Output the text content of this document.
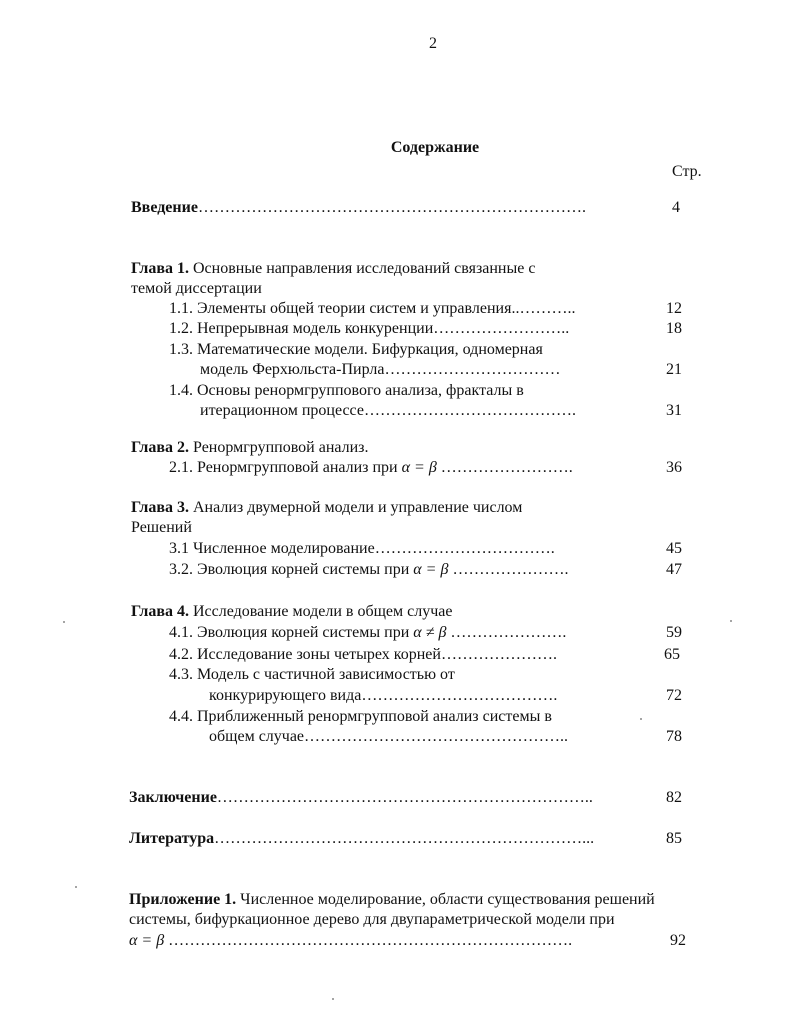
2
Содержание
Стр.
Введение……………………………………………………………….	4
Глава 1. Основные направления исследований связанные с
темой диссертации
1.1. Элементы общей теории систем и управления..………..	12
1.2. Непрерывная модель конкуренции……………………..	18
1.3. Математические модели. Бифуркация, одномерная
модель Ферхюльста-Пирла……………………………	21
1.4. Основы ренормгруппового анализа, фракталы в
итерационном процессе………………………………….	31
Глава 2. Ренормгрупповой анализ.
2.1. Ренормгрупповой анализ при α = β …………………….	36
Глава 3. Анализ двумерной модели и управление числом
Решений
3.1 Численное моделирование…………………………….	45
3.2. Эволюция корней системы при α = β ………………….	47
Глава 4. Исследование модели в общем случае
4.1. Эволюция корней системы при α ≠ β ………………….	59
4.2. Исследование зоны четырех корней………………….	65
4.3. Модель с частичной зависимостью от
конкурирующего вида……………………………….	72
4.4. Приближенный ренормгрупповой анализ системы в
общем случае…………………………………………..	78
Заключение……………………………………………………………..	82
Литература……………………………………………………………...	85
Приложение 1. Численное моделирование, области существования решений
системы, бифуркационное дерево для двупараметрической модели при
α = β ………………………………………………………………….	92
